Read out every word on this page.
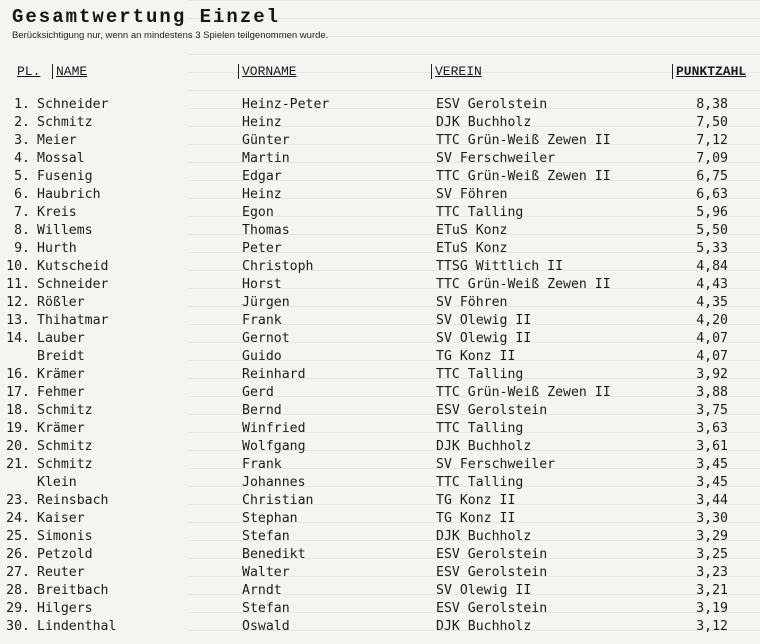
Gesamtwertung Einzel
Berücksichtigung nur, wenn an mindestens 3 Spielen teilgenommen wurde.
PL.	NAME	VORNAME	VEREIN	PUNKTZAHL
1. Schneider	Heinz-Peter	ESV Gerolstein	8,38
2. Schmitz	Heinz	DJK Buchholz	7,50
3. Meier	Günter	TTC Grün-Weiß Zewen II	7,12
4. Mossal	Martin	SV Ferschweiler	7,09
5. Fusenig	Edgar	TTC Grün-Weiß Zewen II	6,75
6. Haubrich	Heinz	SV Föhren	6,63
7. Kreis	Egon	TTC Talling	5,96
8. Willems	Thomas	ETuS Konz	5,50
9. Hurth	Peter	ETuS Konz	5,33
10. Kutscheid	Christoph	TTSG Wittlich II	4,84
11. Schneider	Horst	TTC Grün-Weiß Zewen II	4,43
12. Rößler	Jürgen	SV Föhren	4,35
13. Thihatmar	Frank	SV Olewig II	4,20
14. Lauber	Gernot	SV Olewig II	4,07
Breidt	Guido	TG Konz II	4,07
16. Krämer	Reinhard	TTC Talling	3,92
17. Fehmer	Gerd	TTC Grün-Weiß Zewen II	3,88
18. Schmitz	Bernd	ESV Gerolstein	3,75
19. Krämer	Winfried	TTC Talling	3,63
20. Schmitz	Wolfgang	DJK Buchholz	3,61
21. Schmitz	Frank	SV Ferschweiler	3,45
Klein	Johannes	TTC Talling	3,45
23. Reinsbach	Christian	TG Konz II	3,44
24. Kaiser	Stephan	TG Konz II	3,30
25. Simonis	Stefan	DJK Buchholz	3,29
26. Petzold	Benedikt	ESV Gerolstein	3,25
27. Reuter	Walter	ESV Gerolstein	3,23
28. Breitbach	Arndt	SV Olewig II	3,21
29. Hilgers	Stefan	ESV Gerolstein	3,19
30. Lindenthal	Oswald	DJK Buchholz	3,12
